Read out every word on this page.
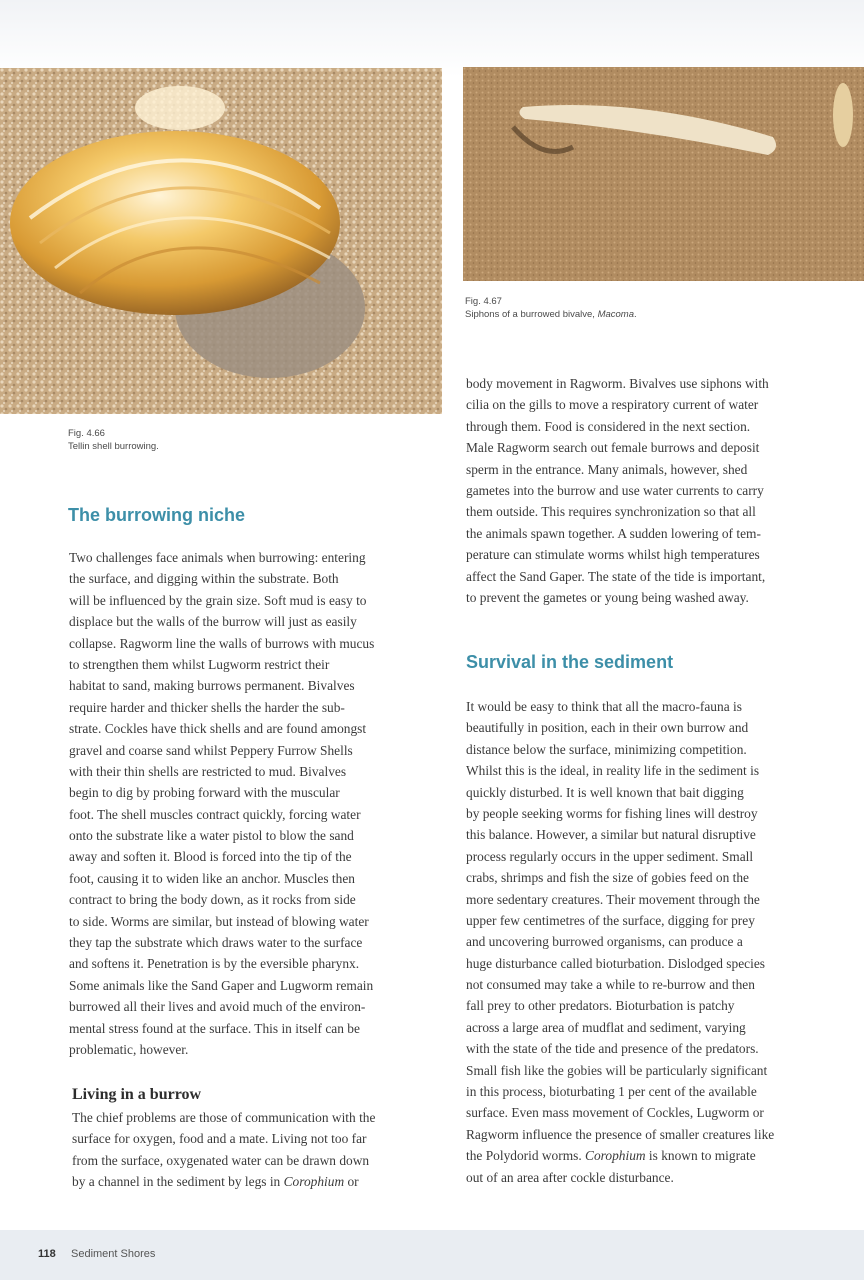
Fig. 4.66
Tellin shell burrowing.
Fig. 4.67
Siphons of a burrowed bivalve, Macoma.
The burrowing niche
Two challenges face animals when burrowing: entering
the surface, and digging within the substrate. Both
will be influenced by the grain size. Soft mud is easy to
displace but the walls of the burrow will just as easily
collapse. Ragworm line the walls of burrows with mucus
to strengthen them whilst Lugworm restrict their
habitat to sand, making burrows permanent. Bivalves
require harder and thicker shells the harder the sub-
strate. Cockles have thick shells and are found amongst
gravel and coarse sand whilst Peppery Furrow Shells
with their thin shells are restricted to mud. Bivalves
begin to dig by probing forward with the muscular
foot. The shell muscles contract quickly, forcing water
onto the substrate like a water pistol to blow the sand
away and soften it. Blood is forced into the tip of the
foot, causing it to widen like an anchor. Muscles then
contract to bring the body down, as it rocks from side
to side. Worms are similar, but instead of blowing water
they tap the substrate which draws water to the surface
and softens it. Penetration is by the eversible pharynx.
Some animals like the Sand Gaper and Lugworm remain
burrowed all their lives and avoid much of the environ-
mental stress found at the surface. This in itself can be
problematic, however.
Living in a burrow
The chief problems are those of communication with the
surface for oxygen, food and a mate. Living not too far
from the surface, oxygenated water can be drawn down
by a channel in the sediment by legs in Corophium or
body movement in Ragworm. Bivalves use siphons with
cilia on the gills to move a respiratory current of water
through them. Food is considered in the next section.
Male Ragworm search out female burrows and deposit
sperm in the entrance. Many animals, however, shed
gametes into the burrow and use water currents to carry
them outside. This requires synchronization so that all
the animals spawn together. A sudden lowering of tem-
perature can stimulate worms whilst high temperatures
affect the Sand Gaper. The state of the tide is important,
to prevent the gametes or young being washed away.
Survival in the sediment
It would be easy to think that all the macro-fauna is
beautifully in position, each in their own burrow and
distance below the surface, minimizing competition.
Whilst this is the ideal, in reality life in the sediment is
quickly disturbed. It is well known that bait digging
by people seeking worms for fishing lines will destroy
this balance. However, a similar but natural disruptive
process regularly occurs in the upper sediment. Small
crabs, shrimps and fish the size of gobies feed on the
more sedentary creatures. Their movement through the
upper few centimetres of the surface, digging for prey
and uncovering burrowed organisms, can produce a
huge disturbance called bioturbation. Dislodged species
not consumed may take a while to re-burrow and then
fall prey to other predators. Bioturbation is patchy
across a large area of mudflat and sediment, varying
with the state of the tide and presence of the predators.
Small fish like the gobies will be particularly significant
in this process, bioturbating 1 per cent of the available
surface. Even mass movement of Cockles, Lugworm or
Ragworm influence the presence of smaller creatures like
the Polydorid worms. Corophium is known to migrate
out of an area after cockle disturbance.
118 Sediment Shores
